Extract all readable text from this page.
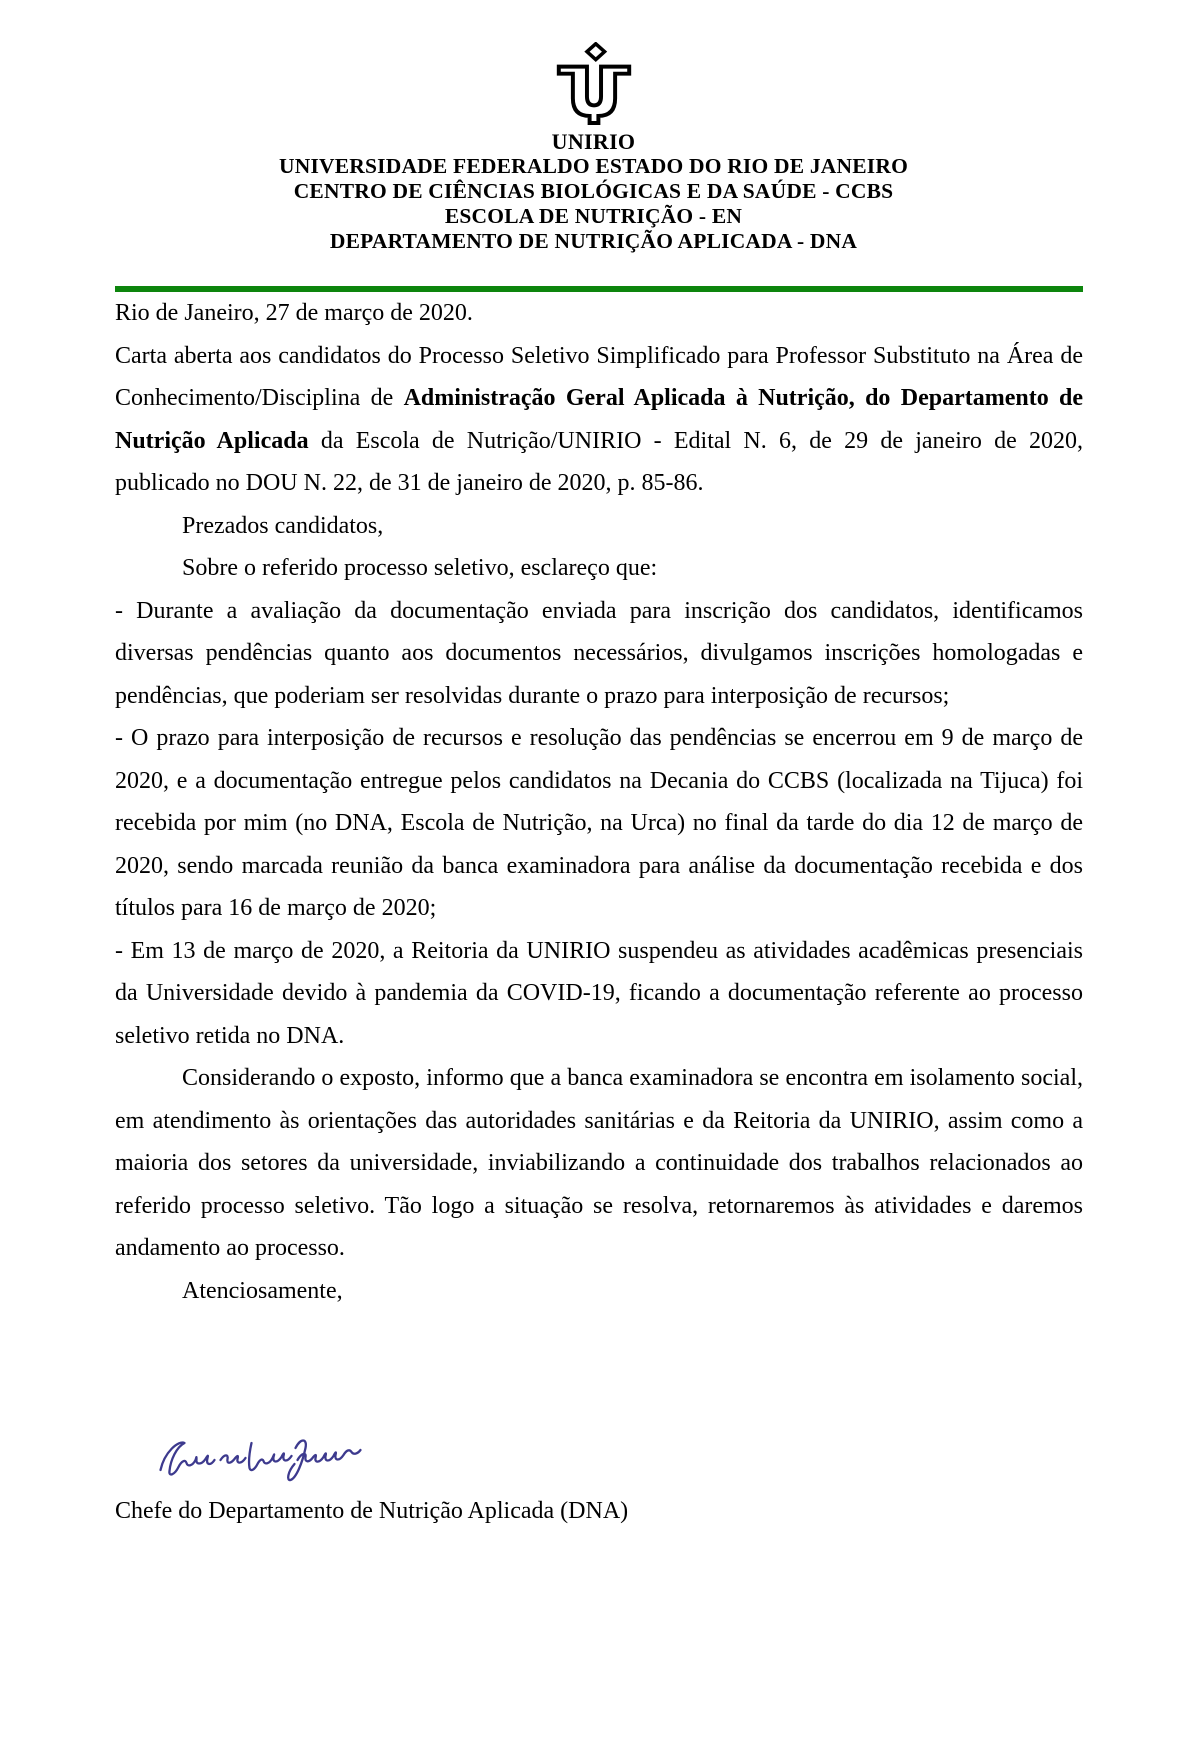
UNIRIO
UNIVERSIDADE FEDERALDO ESTADO DO RIO DE JANEIRO
CENTRO DE CIÊNCIAS BIOLÓGICAS E DA SAÚDE - CCBS
ESCOLA DE NUTRIÇÃO - EN
DEPARTAMENTO DE NUTRIÇÃO APLICADA - DNA

Rio de Janeiro, 27 de março de 2020.

Carta aberta aos candidatos do Processo Seletivo Simplificado para Professor Substituto na Área de Conhecimento/Disciplina de Administração Geral Aplicada à Nutrição, do Departamento de Nutrição Aplicada da Escola de Nutrição/UNIRIO - Edital N. 6, de 29 de janeiro de 2020, publicado no DOU N. 22, de 31 de janeiro de 2020, p. 85-86.

Prezados candidatos,

Sobre o referido processo seletivo, esclareço que:

- Durante a avaliação da documentação enviada para inscrição dos candidatos, identificamos diversas pendências quanto aos documentos necessários, divulgamos inscrições homologadas e pendências, que poderiam ser resolvidas durante o prazo para interposição de recursos;

- O prazo para interposição de recursos e resolução das pendências se encerrou em 9 de março de 2020, e a documentação entregue pelos candidatos na Decania do CCBS (localizada na Tijuca) foi recebida por mim (no DNA, Escola de Nutrição, na Urca) no final da tarde do dia 12 de março de 2020, sendo marcada reunião da banca examinadora para análise da documentação recebida e dos títulos para 16 de março de 2020;

- Em 13 de março de 2020, a Reitoria da UNIRIO suspendeu as atividades acadêmicas presenciais da Universidade devido à pandemia da COVID-19, ficando a documentação referente ao processo seletivo retida no DNA.

Considerando o exposto, informo que a banca examinadora se encontra em isolamento social, em atendimento às orientações das autoridades sanitárias e da Reitoria da UNIRIO, assim como a maioria dos setores da universidade, inviabilizando a continuidade dos trabalhos relacionados ao referido processo seletivo. Tão logo a situação se resolva, retornaremos às atividades e daremos andamento ao processo.

Atenciosamente,

Chefe do Departamento de Nutrição Aplicada (DNA)
